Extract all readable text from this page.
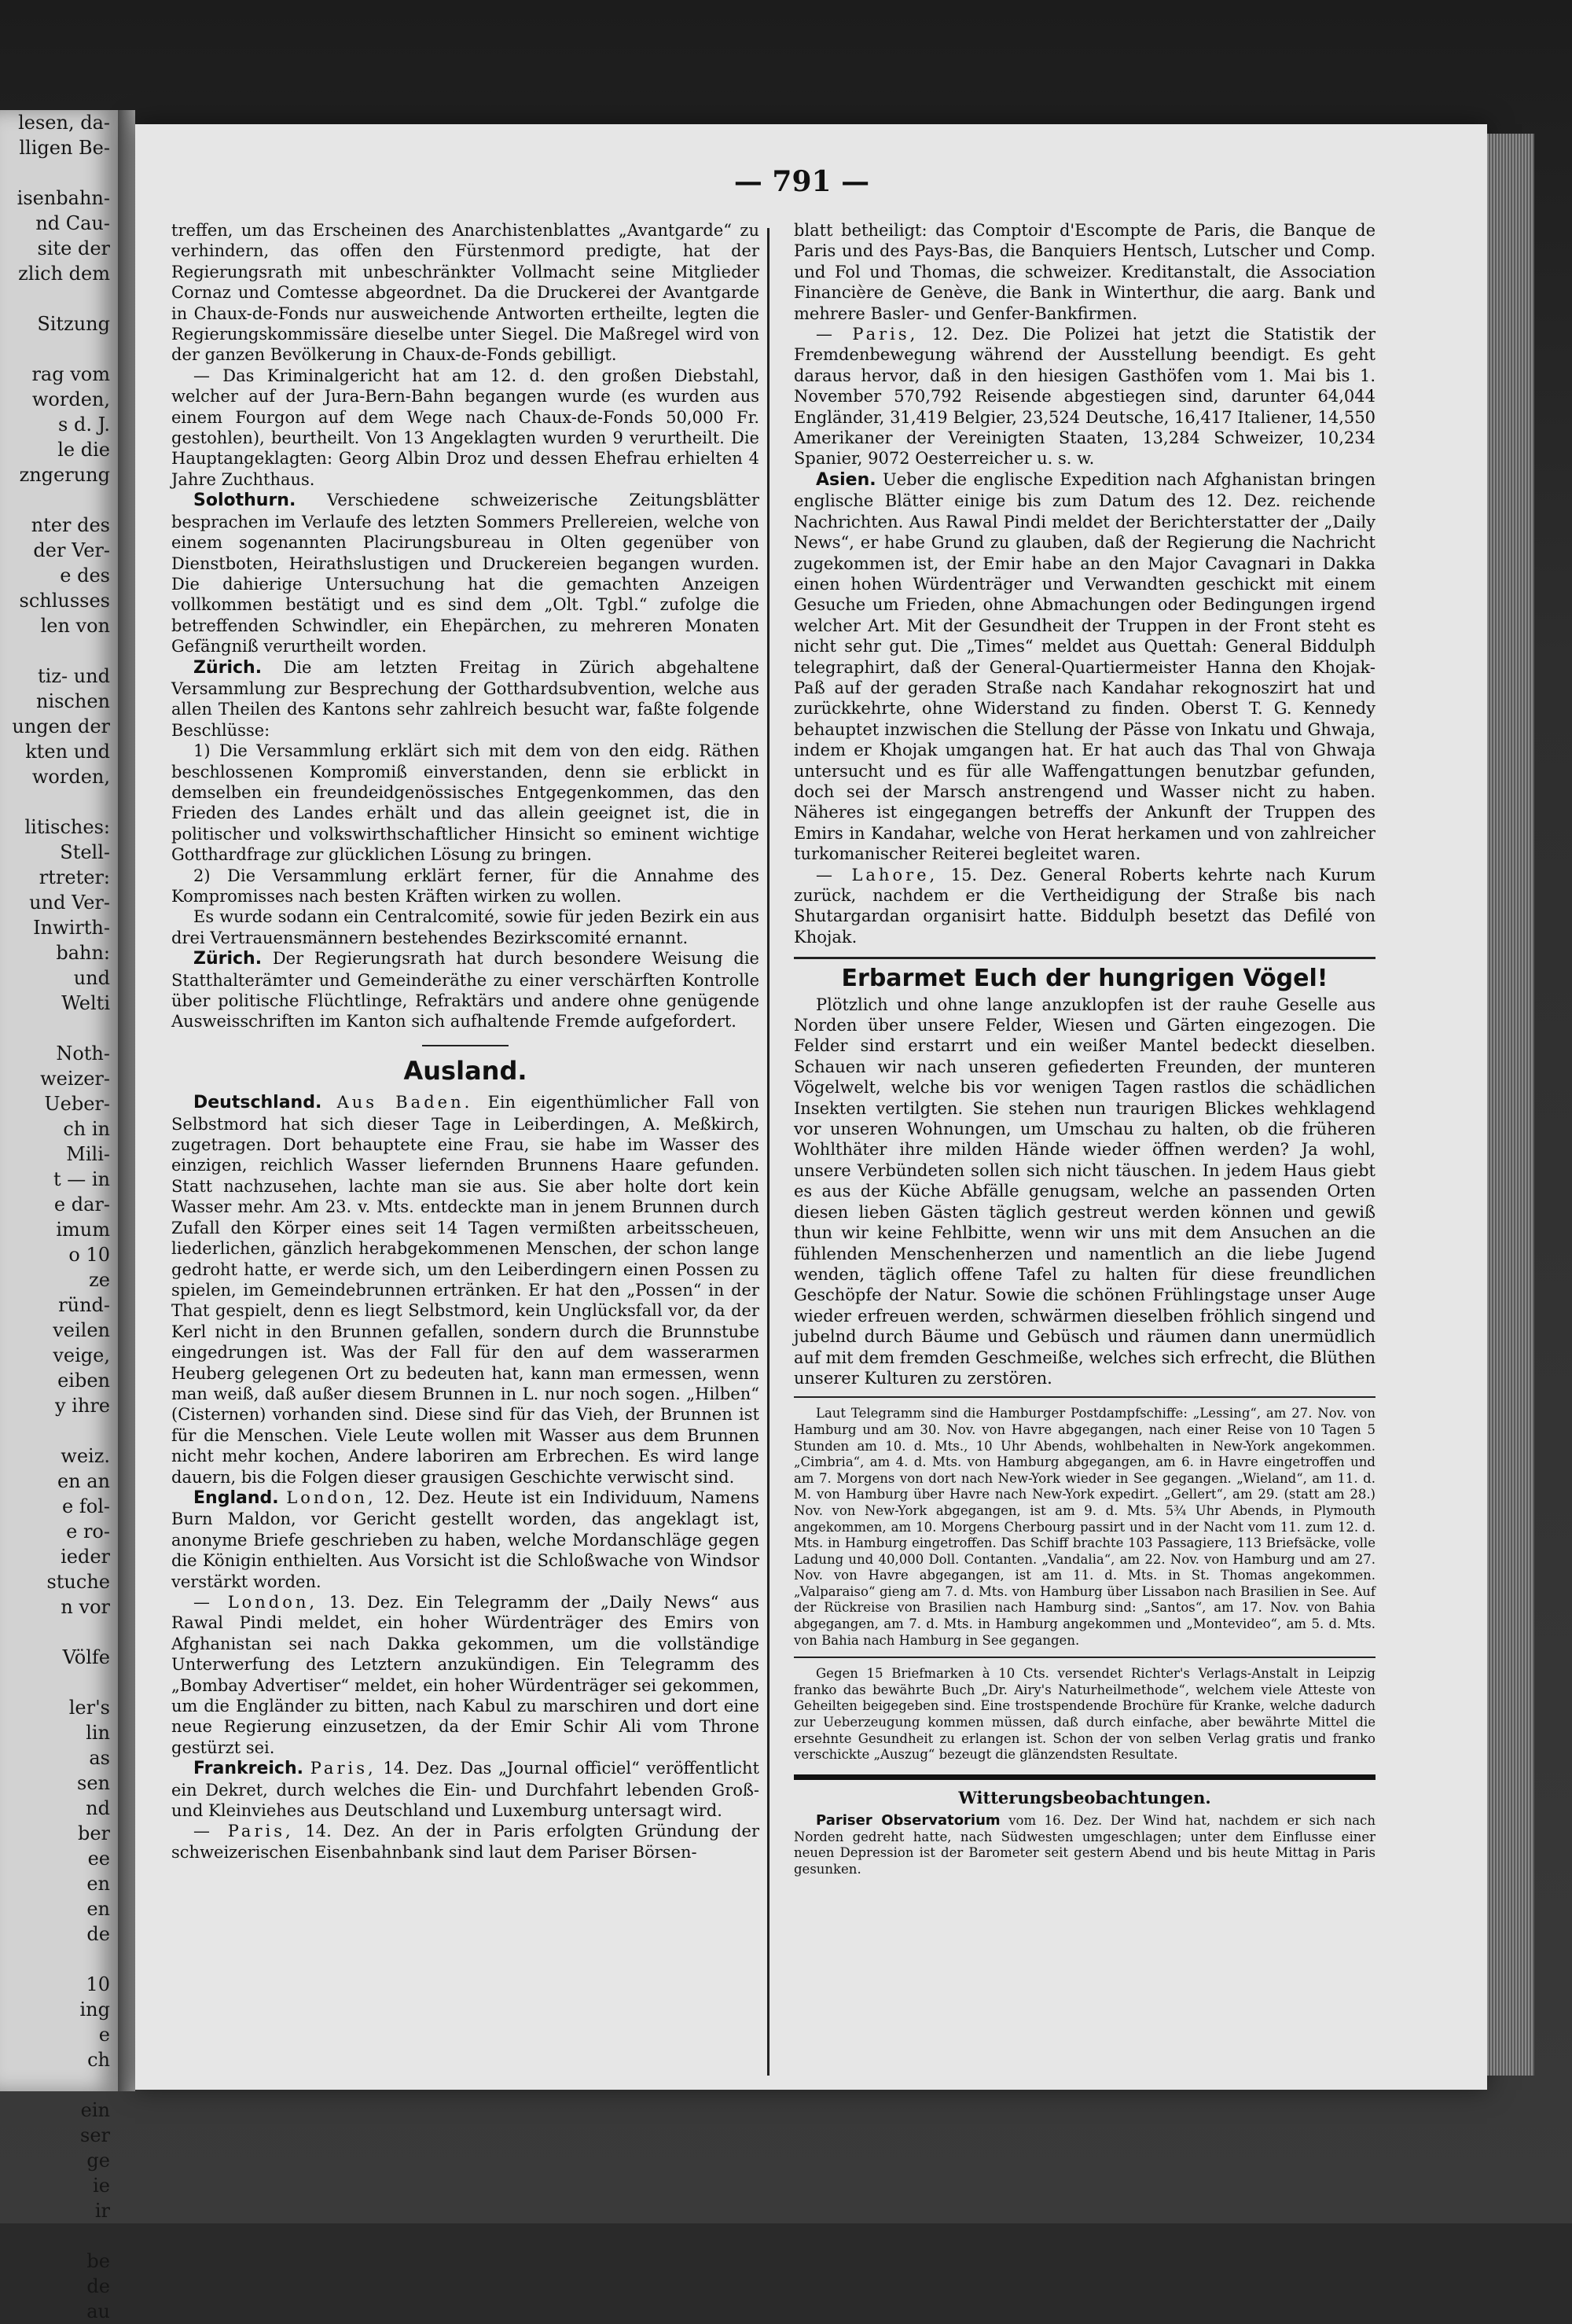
lesen, da-
lligen Be-

isenbahn-
nd Cau-
site der
zlich dem

Sitzung

rag vom
worden,
s d. J.
le die
zngerung

nter des
der Ver-
e des
schlusses
len von

tiz- und
nischen
ungen der
kten und
worden,

litisches:
Stell-
rtreter:
und Ver-
Inwirth-
bahn:
und
Welti

Noth-
weizer-
Ueber-
ch in
Mili-
t — in
e dar-
imum
o 10
ze
ründ-
veilen
veige,
eiben
y ihre

weiz.
en an
e fol-
e ro-
ieder
stuche
n vor

Völfe

ler's
lin
as
sen
nd
ber
ee
en
en
de

10
ing
e
ch

ein
ser
ge
ie
ir

be
de
au
— 791 —

treffen, um das Erscheinen des Anarchistenblattes „Avantgarde“ zu verhindern, das offen den Fürstenmord predigte, hat der Regierungsrath mit unbeschränkter Vollmacht seine Mitglieder Cornaz und Comtesse abgeordnet. Da die Druckerei der Avantgarde in Chaux-de-Fonds nur ausweichende Antworten ertheilte, legten die Regierungskommissäre dieselbe unter Siegel. Die Maßregel wird von der ganzen Bevölkerung in Chaux-de-Fonds gebilligt.

— Das Kriminalgericht hat am 12. d. den großen Diebstahl, welcher auf der Jura-Bern-Bahn begangen wurde (es wurden aus einem Fourgon auf dem Wege nach Chaux-de-Fonds 50,000 Fr. gestohlen), beurtheilt. Von 13 Angeklagten wurden 9 verurtheilt. Die Hauptangeklagten: Georg Albin Droz und dessen Ehefrau erhielten 4 Jahre Zuchthaus.

Solothurn. Verschiedene schweizerische Zeitungsblätter besprachen im Verlaufe des letzten Sommers Prellereien, welche von einem sogenannten Placirungsbureau in Olten gegenüber von Dienstboten, Heirathslustigen und Druckereien begangen wurden. Die dahierige Untersuchung hat die gemachten Anzeigen vollkommen bestätigt und es sind dem „Olt. Tgbl.“ zufolge die betreffenden Schwindler, ein Ehepärchen, zu mehreren Monaten Gefängniß verurtheilt worden.

Zürich. Die am letzten Freitag in Zürich abgehaltene Versammlung zur Besprechung der Gotthardsubvention, welche aus allen Theilen des Kantons sehr zahlreich besucht war, faßte folgende Beschlüsse:

1) Die Versammlung erklärt sich mit dem von den eidg. Räthen beschlossenen Kompromiß einverstanden, denn sie erblickt in demselben ein freundeidgenössisches Entgegenkommen, das den Frieden des Landes erhält und das allein geeignet ist, die in politischer und volkswirthschaftlicher Hinsicht so eminent wichtige Gotthardfrage zur glücklichen Lösung zu bringen.

2) Die Versammlung erklärt ferner, für die Annahme des Kompromisses nach besten Kräften wirken zu wollen.

Es wurde sodann ein Centralcomité, sowie für jeden Bezirk ein aus drei Vertrauensmännern bestehendes Bezirkscomité ernannt.

Zürich. Der Regierungsrath hat durch besondere Weisung die Statthalterämter und Gemeinderäthe zu einer verschärften Kontrolle über politische Flüchtlinge, Refraktärs und andere ohne genügende Ausweisschriften im Kanton sich aufhaltende Fremde aufgefordert.

Ausland.

Deutschland. Aus Baden. Ein eigenthümlicher Fall von Selbstmord hat sich dieser Tage in Leiberdingen, A. Meßkirch, zugetragen. Dort behauptete eine Frau, sie habe im Wasser des einzigen, reichlich Wasser liefernden Brunnens Haare gefunden. Statt nachzusehen, lachte man sie aus. Sie aber holte dort kein Wasser mehr. Am 23. v. Mts. entdeckte man in jenem Brunnen durch Zufall den Körper eines seit 14 Tagen vermißten arbeitsscheuen, liederlichen, gänzlich herabgekommenen Menschen, der schon lange gedroht hatte, er werde sich, um den Leiberdingern einen Possen zu spielen, im Gemeindebrunnen ertränken. Er hat den „Possen“ in der That gespielt, denn es liegt Selbstmord, kein Unglücksfall vor, da der Kerl nicht in den Brunnen gefallen, sondern durch die Brunnstube eingedrungen ist. Was der Fall für den auf dem wasserarmen Heuberg gelegenen Ort zu bedeuten hat, kann man ermessen, wenn man weiß, daß außer diesem Brunnen in L. nur noch sogen. „Hilben“ (Cisternen) vorhanden sind. Diese sind für das Vieh, der Brunnen ist für die Menschen. Viele Leute wollen mit Wasser aus dem Brunnen nicht mehr kochen, Andere laboriren am Erbrechen. Es wird lange dauern, bis die Folgen dieser grausigen Geschichte verwischt sind.

England. London, 12. Dez. Heute ist ein Individuum, Namens Burn Maldon, vor Gericht gestellt worden, das angeklagt ist, anonyme Briefe geschrieben zu haben, welche Mordanschläge gegen die Königin enthielten. Aus Vorsicht ist die Schloßwache von Windsor verstärkt worden.

— London, 13. Dez. Ein Telegramm der „Daily News“ aus Rawal Pindi meldet, ein hoher Würdenträger des Emirs von Afghanistan sei nach Dakka gekommen, um die vollständige Unterwerfung des Letztern anzukündigen. Ein Telegramm des „Bombay Advertiser“ meldet, ein hoher Würdenträger sei gekommen, um die Engländer zu bitten, nach Kabul zu marschiren und dort eine neue Regierung einzusetzen, da der Emir Schir Ali vom Throne gestürzt sei.

Frankreich. Paris, 14. Dez. Das „Journal officiel“ veröffentlicht ein Dekret, durch welches die Ein- und Durchfahrt lebenden Groß- und Kleinviehes aus Deutschland und Luxemburg untersagt wird.

— Paris, 14. Dez. An der in Paris erfolgten Gründung der schweizerischen Eisenbahnbank sind laut dem Pariser Börsen-

blatt betheiligt: das Comptoir d'Escompte de Paris, die Banque de Paris und des Pays-Bas, die Banquiers Hentsch, Lutscher und Comp. und Fol und Thomas, die schweizer. Kreditanstalt, die Association Financière de Genève, die Bank in Winterthur, die aarg. Bank und mehrere Basler- und Genfer-Bankfirmen.

— Paris, 12. Dez. Die Polizei hat jetzt die Statistik der Fremdenbewegung während der Ausstellung beendigt. Es geht daraus hervor, daß in den hiesigen Gasthöfen vom 1. Mai bis 1. November 570,792 Reisende abgestiegen sind, darunter 64,044 Engländer, 31,419 Belgier, 23,524 Deutsche, 16,417 Italiener, 14,550 Amerikaner der Vereinigten Staaten, 13,284 Schweizer, 10,234 Spanier, 9072 Oesterreicher u. s. w.

Asien. Ueber die englische Expedition nach Afghanistan bringen englische Blätter einige bis zum Datum des 12. Dez. reichende Nachrichten. Aus Rawal Pindi meldet der Berichterstatter der „Daily News“, er habe Grund zu glauben, daß der Regierung die Nachricht zugekommen ist, der Emir habe an den Major Cavagnari in Dakka einen hohen Würdenträger und Verwandten geschickt mit einem Gesuche um Frieden, ohne Abmachungen oder Bedingungen irgend welcher Art. Mit der Gesundheit der Truppen in der Front steht es nicht sehr gut. Die „Times“ meldet aus Quettah: General Biddulph telegraphirt, daß der General-Quartiermeister Hanna den Khojak-Paß auf der geraden Straße nach Kandahar rekognoszirt hat und zurückkehrte, ohne Widerstand zu finden. Oberst T. G. Kennedy behauptet inzwischen die Stellung der Pässe von Inkatu und Ghwaja, indem er Khojak umgangen hat. Er hat auch das Thal von Ghwaja untersucht und es für alle Waffengattungen benutzbar gefunden, doch sei der Marsch anstrengend und Wasser nicht zu haben. Näheres ist eingegangen betreffs der Ankunft der Truppen des Emirs in Kandahar, welche von Herat herkamen und von zahlreicher turkomanischer Reiterei begleitet waren.

— Lahore, 15. Dez. General Roberts kehrte nach Kurum zurück, nachdem er die Vertheidigung der Straße bis nach Shutargardan organisirt hatte. Biddulph besetzt das Defilé von Khojak.

Erbarmet Euch der hungrigen Vögel!

Plötzlich und ohne lange anzuklopfen ist der rauhe Geselle aus Norden über unsere Felder, Wiesen und Gärten eingezogen. Die Felder sind erstarrt und ein weißer Mantel bedeckt dieselben. Schauen wir nach unseren gefiederten Freunden, der munteren Vögelwelt, welche bis vor wenigen Tagen rastlos die schädlichen Insekten vertilgten. Sie stehen nun traurigen Blickes wehklagend vor unseren Wohnungen, um Umschau zu halten, ob die früheren Wohlthäter ihre milden Hände wieder öffnen werden? Ja wohl, unsere Verbündeten sollen sich nicht täuschen. In jedem Haus giebt es aus der Küche Abfälle genugsam, welche an passenden Orten diesen lieben Gästen täglich gestreut werden können und gewiß thun wir keine Fehlbitte, wenn wir uns mit dem Ansuchen an die fühlenden Menschenherzen und namentlich an die liebe Jugend wenden, täglich offene Tafel zu halten für diese freundlichen Geschöpfe der Natur. Sowie die schönen Frühlingstage unser Auge wieder erfreuen werden, schwärmen dieselben fröhlich singend und jubelnd durch Bäume und Gebüsch und räumen dann unermüdlich auf mit dem fremden Geschmeiße, welches sich erfrecht, die Blüthen unserer Kulturen zu zerstören.

Laut Telegramm sind die Hamburger Postdampfschiffe: „Lessing“, am 27. Nov. von Hamburg und am 30. Nov. von Havre abgegangen, nach einer Reise von 10 Tagen 5 Stunden am 10. d. Mts., 10 Uhr Abends, wohlbehalten in New-York angekommen. „Cimbria“, am 4. d. Mts. von Hamburg abgegangen, am 6. in Havre eingetroffen und am 7. Morgens von dort nach New-York wieder in See gegangen. „Wieland“, am 11. d. M. von Hamburg über Havre nach New-York expedirt. „Gellert“, am 29. (statt am 28.) Nov. von New-York abgegangen, ist am 9. d. Mts. 5¾ Uhr Abends, in Plymouth angekommen, am 10. Morgens Cherbourg passirt und in der Nacht vom 11. zum 12. d. Mts. in Hamburg eingetroffen. Das Schiff brachte 103 Passagiere, 113 Briefsäcke, volle Ladung und 40,000 Doll. Contanten. „Vandalia“, am 22. Nov. von Hamburg und am 27. Nov. von Havre abgegangen, ist am 11. d. Mts. in St. Thomas angekommen. „Valparaiso“ gieng am 7. d. Mts. von Hamburg über Lissabon nach Brasilien in See. Auf der Rückreise von Brasilien nach Hamburg sind: „Santos“, am 17. Nov. von Bahia abgegangen, am 7. d. Mts. in Hamburg angekommen und „Montevideo“, am 5. d. Mts. von Bahia nach Hamburg in See gegangen.

Gegen 15 Briefmarken à 10 Cts. versendet Richter's Verlags-Anstalt in Leipzig franko das bewährte Buch „Dr. Airy's Naturheilmethode“, welchem viele Atteste von Geheilten beigegeben sind. Eine trostspendende Brochüre für Kranke, welche dadurch zur Ueberzeugung kommen müssen, daß durch einfache, aber bewährte Mittel die ersehnte Gesundheit zu erlangen ist. Schon der von selben Verlag gratis und franko verschickte „Auszug“ bezeugt die glänzendsten Resultate.

Witterungsbeobachtungen.

Pariser Observatorium vom 16. Dez. Der Wind hat, nachdem er sich nach Norden gedreht hatte, nach Südwesten umgeschlagen; unter dem Einflusse einer neuen Depression ist der Barometer seit gestern Abend und bis heute Mittag in Paris gesunken.
